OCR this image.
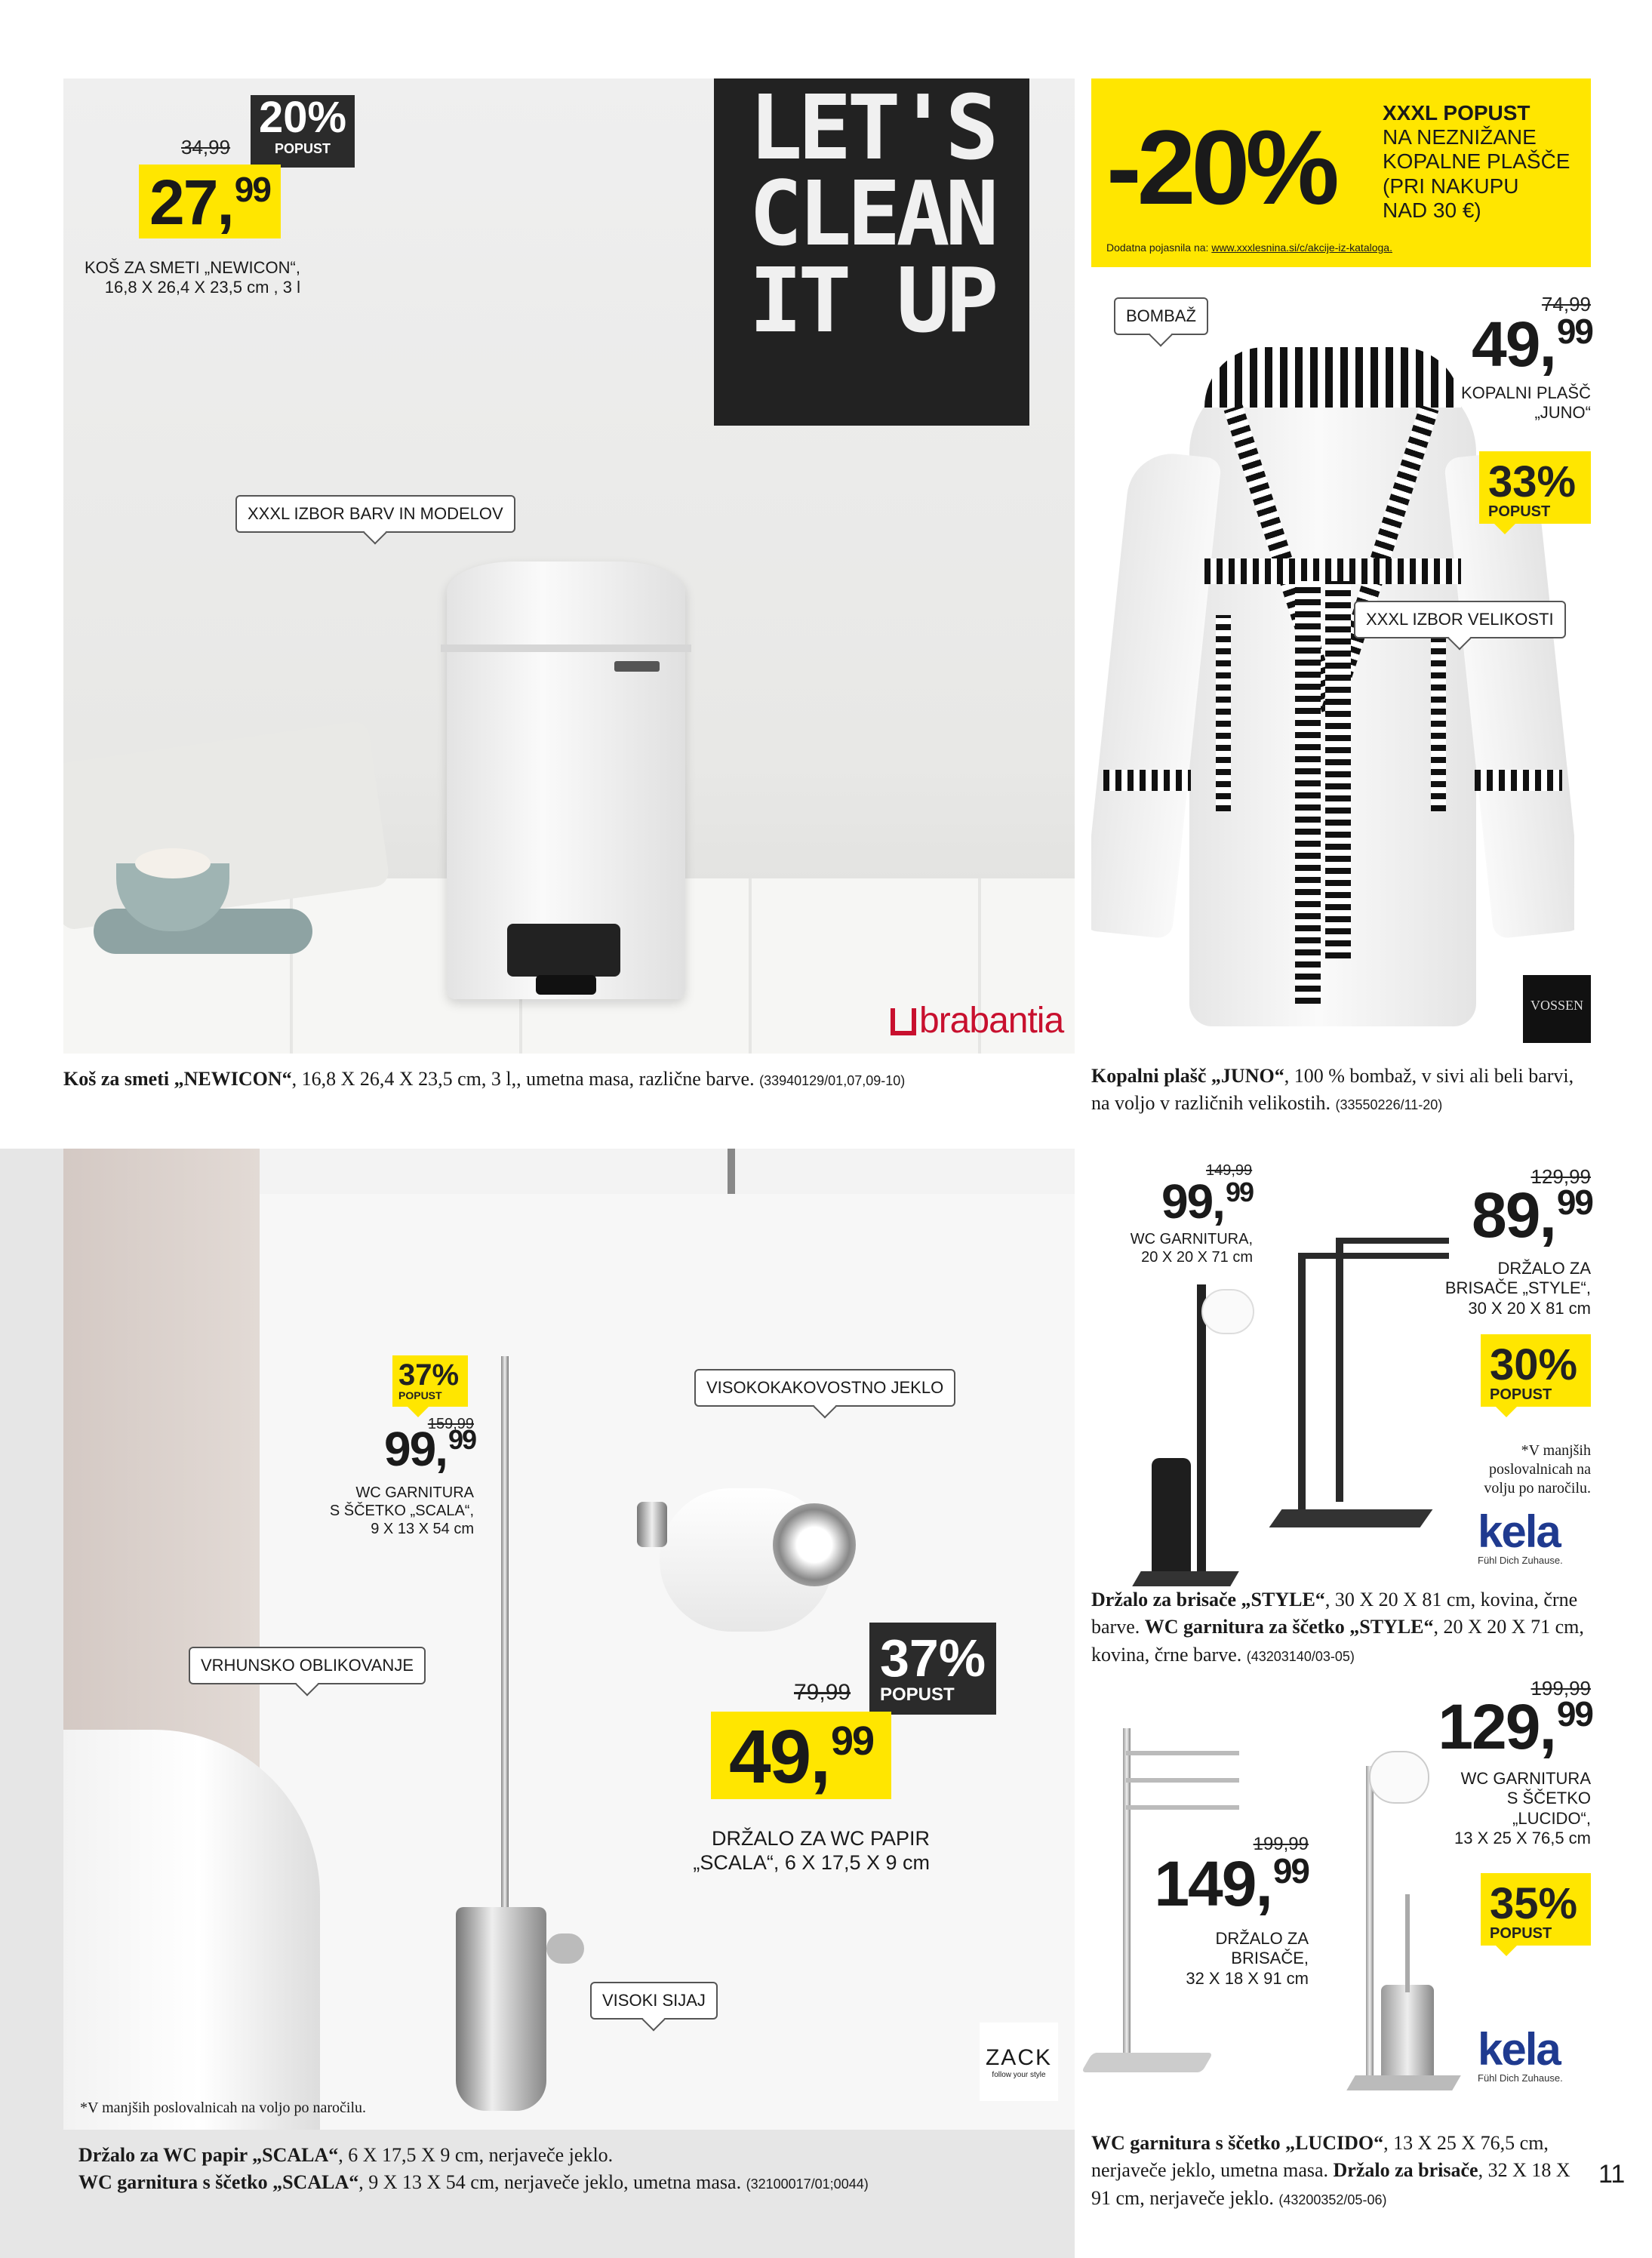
LET'S
CLEAN
IT UP
brabantia
20%
POPUST
34,99
27,99
KOŠ ZA SMETI „NEWICON“,
16,8 X 26,4 X 23,5 cm , 3 l
XXXL IZBOR BARV IN MODELOV
Koš za smeti „NEWICON“, 16,8 X 26,4 X 23,5 cm, 3 l,, umetna masa, različne barve. (33940129/01,07,09-10)
-20% XXXL POPUST
NA NEZNIŽANE
KOPALNE PLAŠČE
(PRI NAKUPU
NAD 30 €)
Dodatna pojasnila na: www.xxxlesnina.si/c/akcije-iz-kataloga.
BOMBAŽ
XXXL IZBOR VELIKOSTI
74,99
49,99
KOPALNI PLAŠČ
„JUNO“
33%
POPUST
VOSSEN
Kopalni plašč „JUNO“, 100 % bombaž, v sivi ali beli barvi, na voljo v različnih velikostih. (33550226/11-20)
VISOKOKAKOVOSTNO JEKLO
VRHUNSKO OBLIKOVANJE
VISOKI SIJAJ
37%
POPUST
159,99
99,99
WC GARNITURA
S ŠČETKO „SCALA“,
9 X 13 X 54 cm
37%
POPUST
79,99
49,99
DRŽALO ZA WC PAPIR
„SCALA“, 6 X 17,5 X 9 cm
ZACK
follow your style
*V manjših poslovalnicah na voljo po naročilu.
Držalo za WC papir „SCALA“, 6 X 17,5 X 9 cm, nerjaveče jeklo.
WC garnitura s ščetko „SCALA“, 9 X 13 X 54 cm, nerjaveče jeklo, umetna masa. (32100017/01;0044)
149,99
99,99
WC GARNITURA,
20 X 20 X 71 cm
129,99
89,99
DRŽALO ZA
BRISAČE „STYLE“,
30 X 20 X 81 cm
30%
POPUST
*V manjših
poslovalnicah na
volju po naročilu.
kela
Fühl Dich Zuhause.
Držalo za brisače „STYLE“, 30 X 20 X 81 cm, kovina, črne barve. WC garnitura za ščetko „STYLE“, 20 X 20 X 71 cm, kovina, črne barve. (43203140/03-05)
199,99
129,99
WC GARNITURA
S ŠČETKO
„LUCIDO“,
13 X 25 X 76,5 cm
35%
POPUST
199,99
149,99
DRŽALO ZA
BRISAČE,
32 X 18 X 91 cm
kela
Fühl Dich Zuhause.
WC garnitura s ščetko „LUCIDO“, 13 X 25 X 76,5 cm, nerjaveče jeklo, umetna masa. Držalo za brisače, 32 X 18 X 91 cm, nerjaveče jeklo. (43200352/05-06)
11
